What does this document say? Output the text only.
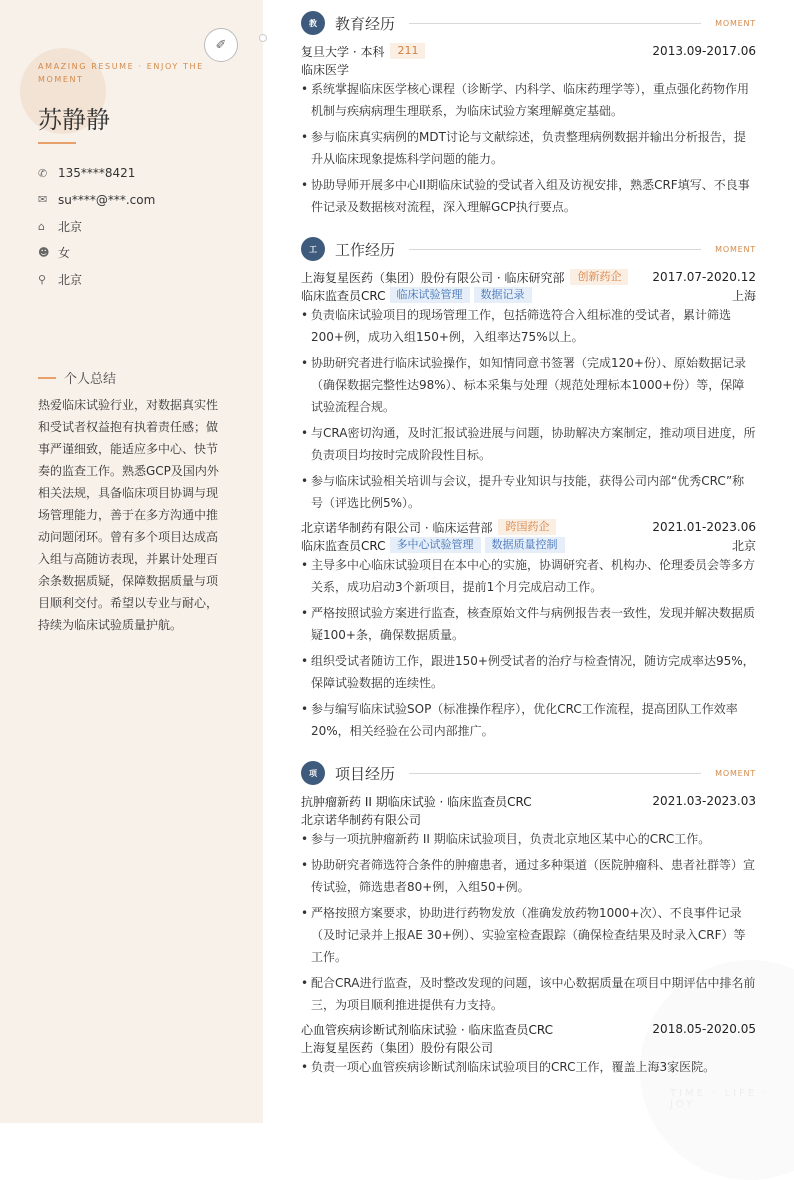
✐
AMAZING RESUME · ENJOY THE MOMENT
苏静静
✆ 135****8421
✉ su****@***.com
⌂	北京
☻ 女
⚲ 北京
个人总结
热爱临床试验行业，对数据真实性和受试者权益抱有执着责任感；做事严谨细致，能适应多中心、快节奏的监查工作。熟悉GCP及国内外相关法规，具备临床项目协调与现场管理能力，善于在多方沟通中推动问题闭环。曾有多个项目达成高入组与高随访表现，并累计处理百余条数据质疑，保障数据质量与项目顺利交付。希望以专业与耐心，持续为临床试验质量护航。
TIME · LIFE · JOY
教	教育经历	MOMENT
复旦大学 · 本科	211	2013.09-2017.06
临床医学
• 系统掌握临床医学核心课程（诊断学、内科学、临床药理学等），重点强化药物作用机制与疾病病理生理联系，为临床试验方案理解奠定基础。
• 参与临床真实病例的MDT讨论与文献综述，负责整理病例数据并输出分析报告，提升从临床现象提炼科学问题的能力。
• 协助导师开展多中心II期临床试验的受试者入组及访视安排，熟悉CRF填写、不良事件记录及数据核对流程，深入理解GCP执行要点。
工	工作经历	MOMENT
上海复星医药（集团）股份有限公司 · 临床研究部	创新药企	2017.07-2020.12
临床监查员CRC	临床试验管理	数据记录	上海
• 负责临床试验项目的现场管理工作，包括筛选符合入组标准的受试者，累计筛选200+例，成功入组150+例，入组率达75%以上。
• 协助研究者进行临床试验操作，如知情同意书签署（完成120+份）、原始数据记录（确保数据完整性达98%）、标本采集与处理（规范处理标本1000+份）等，保障试验流程合规。
• 与CRA密切沟通，及时汇报试验进展与问题，协助解决方案制定，推动项目进度，所负责项目均按时完成阶段性目标。
• 参与临床试验相关培训与会议，提升专业知识与技能，获得公司内部“优秀CRC”称号（评选比例5%）。
北京诺华制药有限公司 · 临床运营部	跨国药企	2021.01-2023.06
临床监查员CRC	多中心试验管理	数据质量控制	北京
• 主导多中心临床试验项目在本中心的实施，协调研究者、机构办、伦理委员会等多方关系，成功启动3个新项目，提前1个月完成启动工作。
• 严格按照试验方案进行监查，核查原始文件与病例报告表一致性，发现并解决数据质疑100+条，确保数据质量。
• 组织受试者随访工作，跟进150+例受试者的治疗与检查情况，随访完成率达95%，保障试验数据的连续性。
• 参与编写临床试验SOP（标准操作程序），优化CRC工作流程，提高团队工作效率20%，相关经验在公司内部推广。
项	项目经历	MOMENT
抗肿瘤新药 II 期临床试验 · 临床监查员CRC	2021.03-2023.03
北京诺华制药有限公司
• 参与一项抗肿瘤新药 II 期临床试验项目，负责北京地区某中心的CRC工作。
• 协助研究者筛选符合条件的肿瘤患者，通过多种渠道（医院肿瘤科、患者社群等）宣传试验，筛选患者80+例，入组50+例。
• 严格按照方案要求，协助进行药物发放（准确发放药物1000+次）、不良事件记录（及时记录并上报AE 30+例）、实验室检查跟踪（确保检查结果及时录入CRF）等工作。
• 配合CRA进行监查，及时整改发现的问题，该中心数据质量在项目中期评估中排名前三，为项目顺利推进提供有力支持。
心血管疾病诊断试剂临床试验 · 临床监查员CRC	2018.05-2020.05
上海复星医药（集团）股份有限公司
• 负责一项心血管疾病诊断试剂临床试验项目的CRC工作，覆盖上海3家医院。
